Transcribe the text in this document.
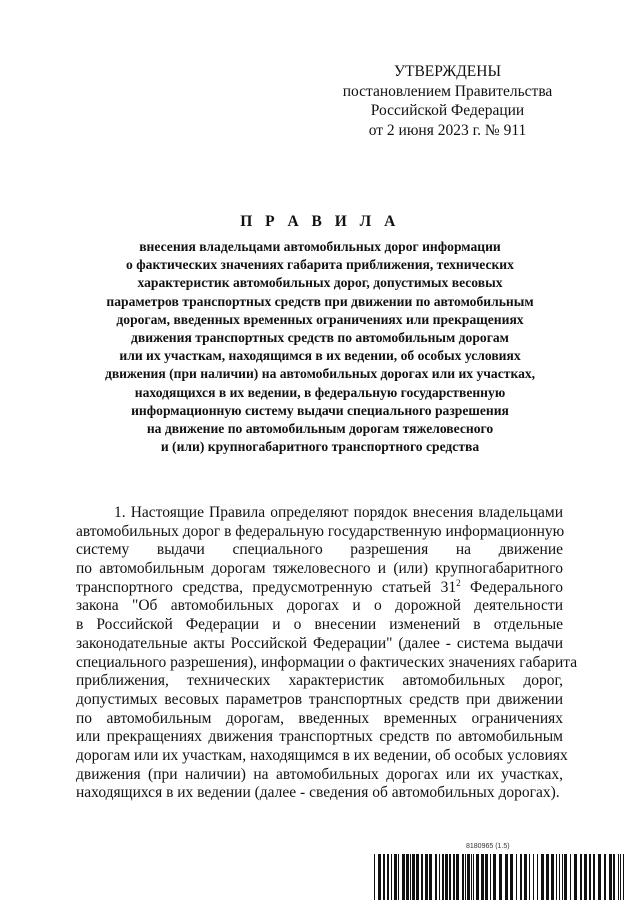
УТВЕРЖДЕНЫ
постановлением Правительства
Российской Федерации
от 2 июня 2023 г. № 911
П Р А В И Л А
внесения владельцами автомобильных дорог информации
о фактических значениях габарита приближения, технических
характеристик автомобильных дорог, допустимых весовых
параметров транспортных средств при движении по автомобильным
дорогам, введенных временных ограничениях или прекращениях
движения транспортных средств по автомобильным дорогам
или их участкам, находящимся в их ведении, об особых условиях
движения (при наличии) на автомобильных дорогах или их участках,
находящихся в их ведении, в федеральную государственную
информационную систему выдачи специального разрешения
на движение по автомобильным дорогам тяжеловесного
и (или) крупногабаритного транспортного средства
1. Настоящие Правила определяют порядок внесения владельцами
автомобильных дорог в федеральную государственную информационную
систему выдачи специального разрешения на движение
по автомобильным дорогам тяжеловесного и (или) крупногабаритного
транспортного средства, предусмотренную статьей $31^2$ Федерального
закона "Об автомобильных дорогах и о дорожной деятельности
в Российской Федерации и о внесении изменений в отдельные
законодательные акты Российской Федерации" (далее - система выдачи
специального разрешения), информации о фактических значениях габарита
приближения, технических характеристик автомобильных дорог,
допустимых весовых параметров транспортных средств при движении
по автомобильным дорогам, введенных временных ограничениях
или прекращениях движения транспортных средств по автомобильным
дорогам или их участкам, находящимся в их ведении, об особых условиях
движения (при наличии) на автомобильных дорогах или их участках,
находящихся в их ведении (далее - сведения об автомобильных дорогах).
8180965 (1.5)
